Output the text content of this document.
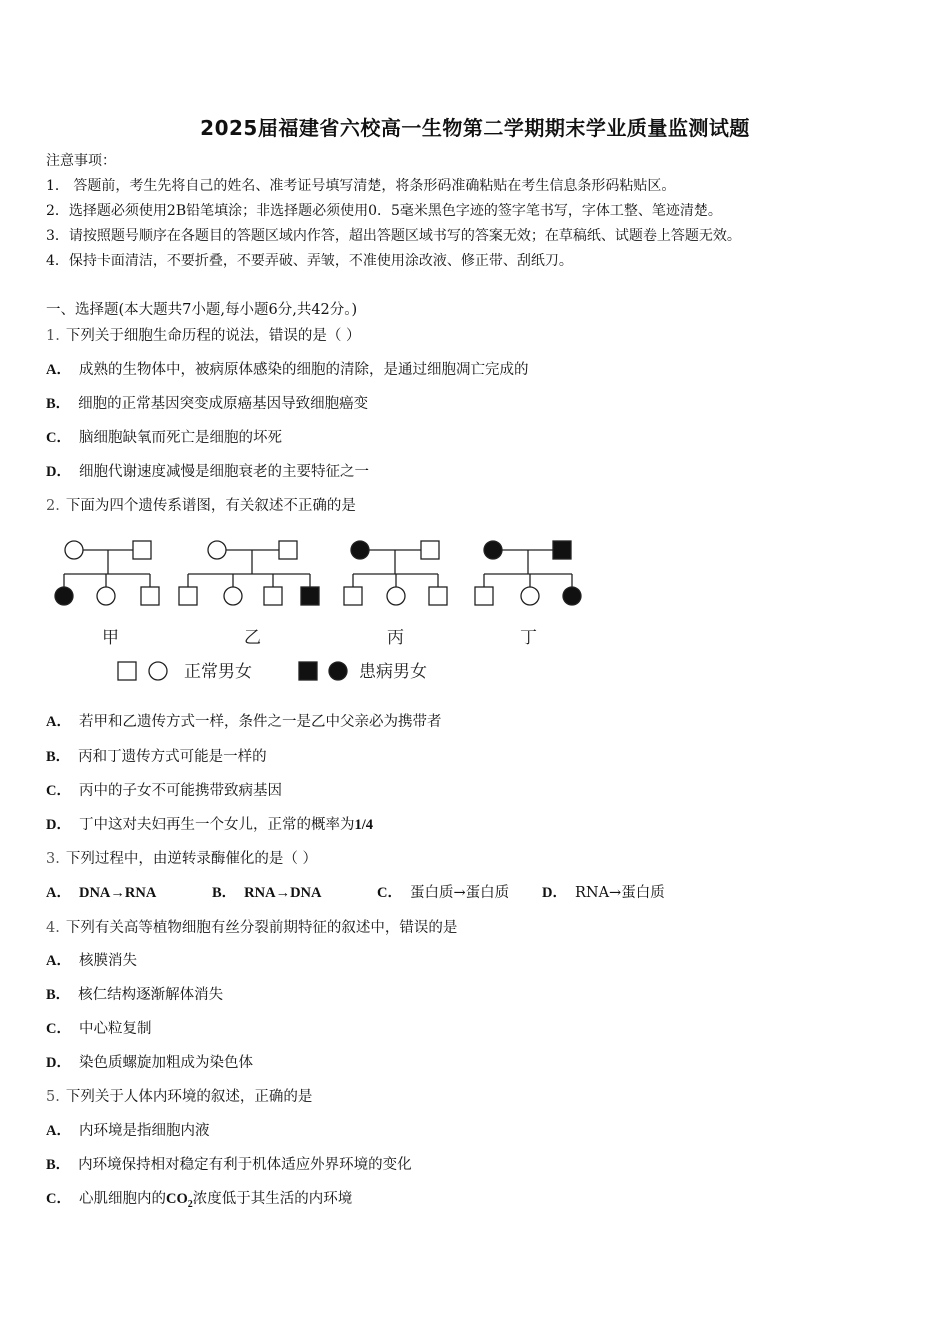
2025届福建省六校高一生物第二学期期末学业质量监测试题
注意事项：
1． 答题前，考生先将自己的姓名、准考证号填写清楚，将条形码准确粘贴在考生信息条形码粘贴区。
2．选择题必须使用2B铅笔填涂；非选择题必须使用0．5毫米黑色字迹的签字笔书写，字体工整、笔迹清楚。
3．请按照题号顺序在各题目的答题区域内作答，超出答题区域书写的答案无效；在草稿纸、试题卷上答题无效。
4．保持卡面清洁，不要折叠，不要弄破、弄皱，不准使用涂改液、修正带、刮纸刀。
一、选择题(本大题共7小题,每小题6分,共42分。)
1. 下列关于细胞生命历程的说法，错误的是（ ）
A． 成熟的生物体中，被病原体感染的细胞的清除，是通过细胞凋亡完成的
B． 细胞的正常基因突变成原癌基因导致细胞癌变
C． 脑细胞缺氧而死亡是细胞的坏死
D． 细胞代谢速度减慢是细胞衰老的主要特征之一
2. 下面为四个遗传系谱图，有关叙述不正确的是
甲	乙	丙	丁
正常男女	患病男女
A． 若甲和乙遗传方式一样，条件之一是乙中父亲必为携带者
B． 丙和丁遗传方式可能是一样的
C． 丙中的子女不可能携带致病基因
D． 丁中这对夫妇再生一个女儿，正常的概率为1/4
3. 下列过程中，由逆转录酶催化的是（ ）
A． DNA→RNA	B． RNA→DNA	C． 蛋白质→蛋白质 D． RNA→蛋白质
4. 下列有关高等植物细胞有丝分裂前期特征的叙述中，错误的是
A． 核膜消失
B． 核仁结构逐渐解体消失
C． 中心粒复制
D． 染色质螺旋加粗成为染色体
5. 下列关于人体内环境的叙述，正确的是
A． 内环境是指细胞内液
B． 内环境保持相对稳定有利于机体适应外界环境的变化
C． 心肌细胞内的$CO_2$浓度低于其生活的内环境
